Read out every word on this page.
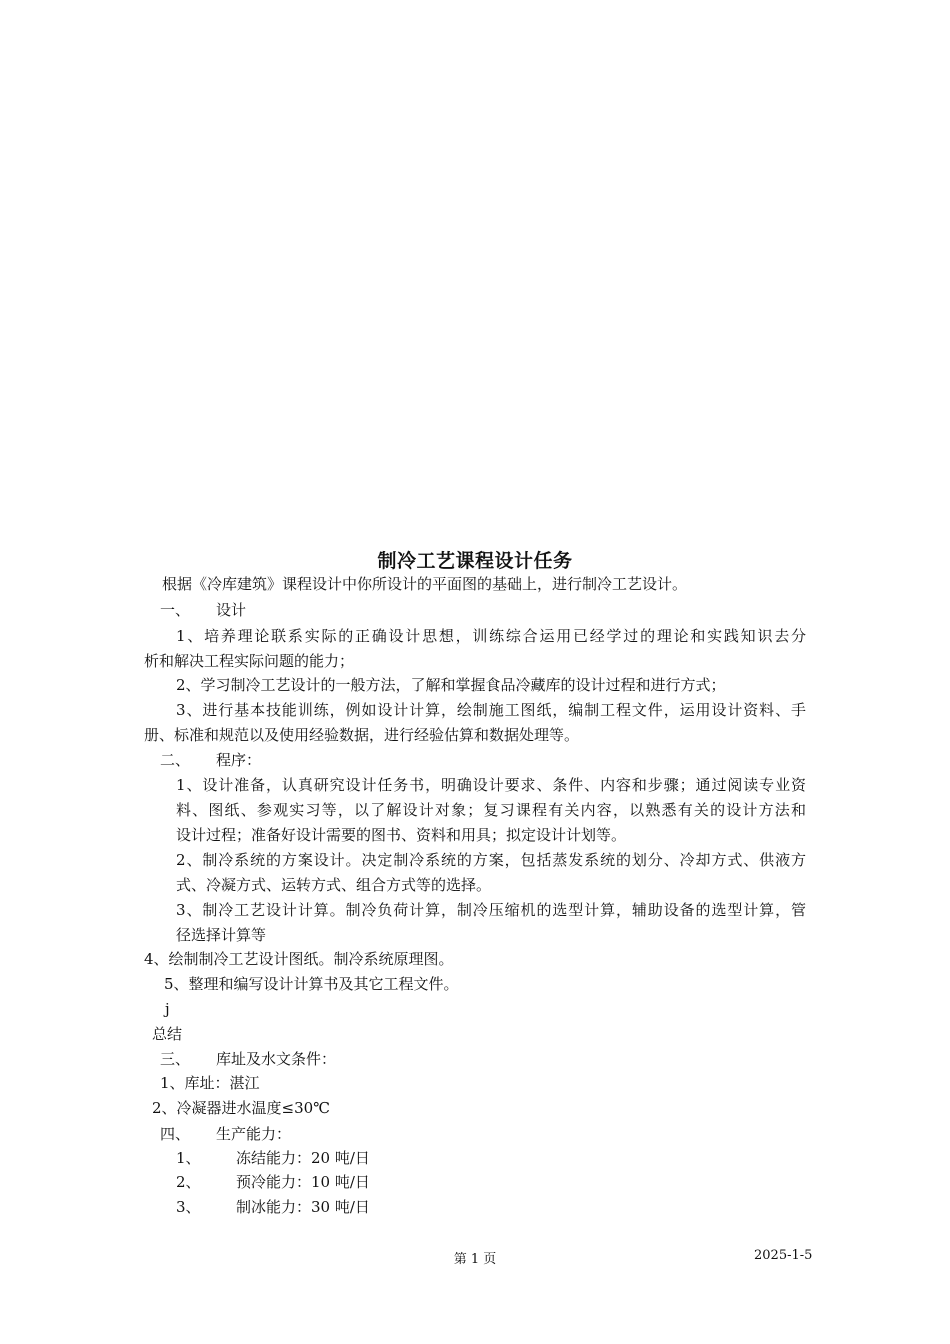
制冷工艺课程设计任务
根据《冷库建筑》课程设计中你所设计的平面图的基础上，进行制冷工艺设计。
一、 设计
1、培养理论联系实际的正确设计思想，训练综合运用已经学过的理论和实践知识去分
析和解决工程实际问题的能力；
2、学习制冷工艺设计的一般方法，了解和掌握食品冷藏库的设计过程和进行方式；
3、进行基本技能训练，例如设计计算，绘制施工图纸，编制工程文件，运用设计资料、手
册、标准和规范以及使用经验数据，进行经验估算和数据处理等。
二、 程序：
1、设计准备，认真研究设计任务书，明确设计要求、条件、内容和步骤；通过阅读专业资
料、图纸、参观实习等，以了解设计对象；复习课程有关内容，以熟悉有关的设计方法和
设计过程；准备好设计需要的图书、资料和用具；拟定设计计划等。
2、制冷系统的方案设计。决定制冷系统的方案，包括蒸发系统的划分、冷却方式、供液方
式、冷凝方式、运转方式、组合方式等的选择。
3、制冷工艺设计计算。制冷负荷计算，制冷压缩机的选型计算，辅助设备的选型计算，管
径选择计算等
4、绘制制冷工艺设计图纸。制冷系统原理图。
5、整理和编写设计计算书及其它工程文件。
j
总结
三、 库址及水文条件：
1、库址：湛江
2、冷凝器进水温度≤30℃
四、 生产能力：
1、 冻结能力：20 吨/日
2、 预冷能力：10 吨/日
3、 制冰能力：30 吨/日
第 1 页	2025-1-5
